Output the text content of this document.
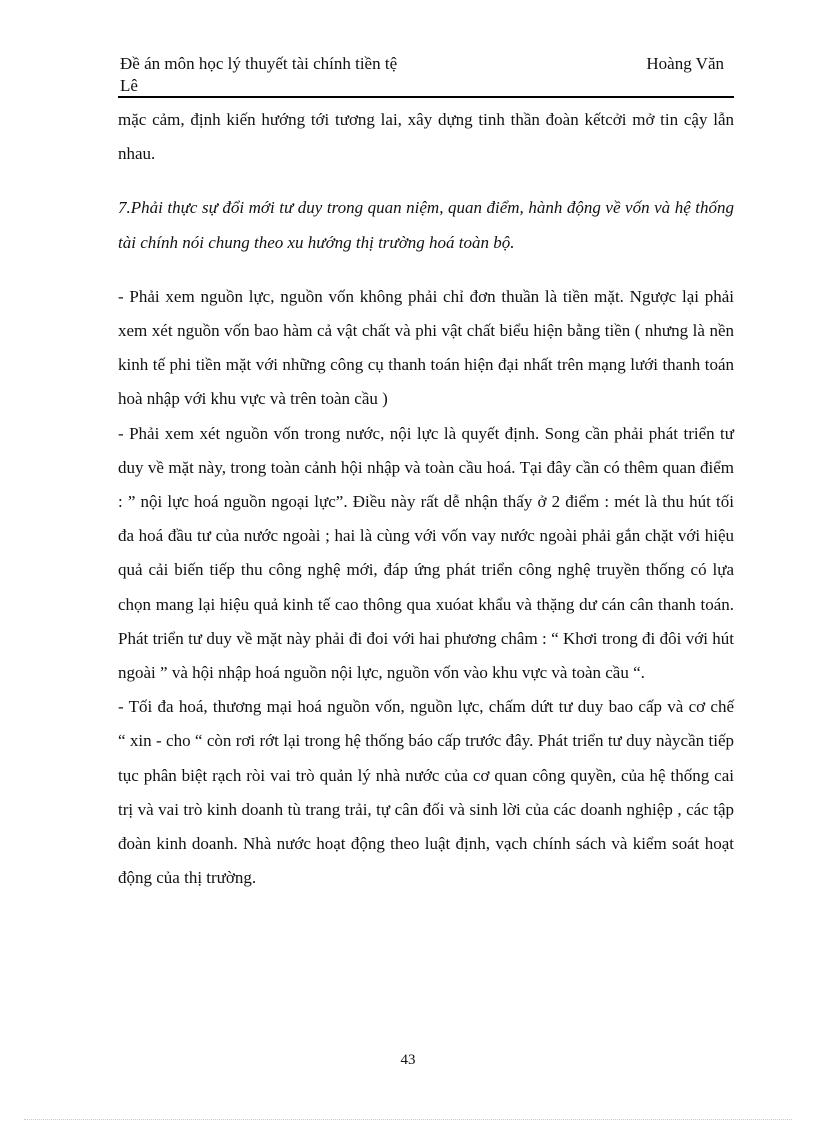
Đề án môn học lý thuyết tài chính tiền tệ	Hoàng Văn
Lê

mặc cảm, định kiến hướng tới tương lai, xây dựng tinh thần đoàn kếtcởi mở tin cậy lẫn nhau.

7.Phải thực sự đổi mới tư duy trong quan niệm, quan điểm, hành động về vốn và hệ thống tài chính nói chung theo xu hướng thị trường hoá toàn bộ.

- Phải xem nguồn lực, nguồn vốn không phải chỉ đơn thuần là tiền mặt. Ngược lại phải xem xét nguồn vốn bao hàm cả vật chất và phi vật chất biểu hiện bằng tiền ( nhưng là nền kinh tế phi tiền mặt với những công cụ thanh toán hiện đại nhất trên mạng lưới thanh toán hoà nhập với khu vực và trên toàn cầu )

- Phải xem xét nguồn vốn trong nước, nội lực là quyết định. Song cần phải phát triển tư duy về mặt này, trong toàn cảnh hội nhập và toàn cầu hoá. Tại đây cần có thêm quan điểm : ” nội lực hoá nguồn ngoại lực”. Điều này rất dễ nhận thấy ở 2 điểm : mét là thu hút tối đa hoá đầu tư của nước ngoài ; hai là cùng với vốn vay nước ngoài phải gắn chặt với hiệu quả cải biến tiếp thu công nghệ mới, đáp ứng phát triển công nghệ truyền thống có lựa chọn mang lại hiệu quả kinh tế cao thông qua xuóat khẩu và thặng dư cán cân thanh toán. Phát triển tư duy về mặt này phải đi đoi với hai phương châm : “ Khơi trong đi đôi với hút ngoài ” và hội nhập hoá nguồn nội lực, nguồn vốn vào khu vực và toàn cầu “.

- Tối đa hoá, thương mại hoá nguồn vốn, nguồn lực, chấm dứt tư duy bao cấp và cơ chế

“ xin - cho “ còn rơi rớt lại trong hệ thống báo cấp trước đây. Phát triển tư duy nàycần tiếp tục phân biệt rạch ròi vai trò quản lý nhà nước của cơ quan công quyền, của hệ thống cai trị và vai trò kinh doanh tù trang trải, tự cân đối và sinh lời của các doanh nghiệp , các tập đoàn kinh doanh. Nhà nước hoạt động theo luật định, vạch chính sách và kiểm soát hoạt động của thị trường.

43
